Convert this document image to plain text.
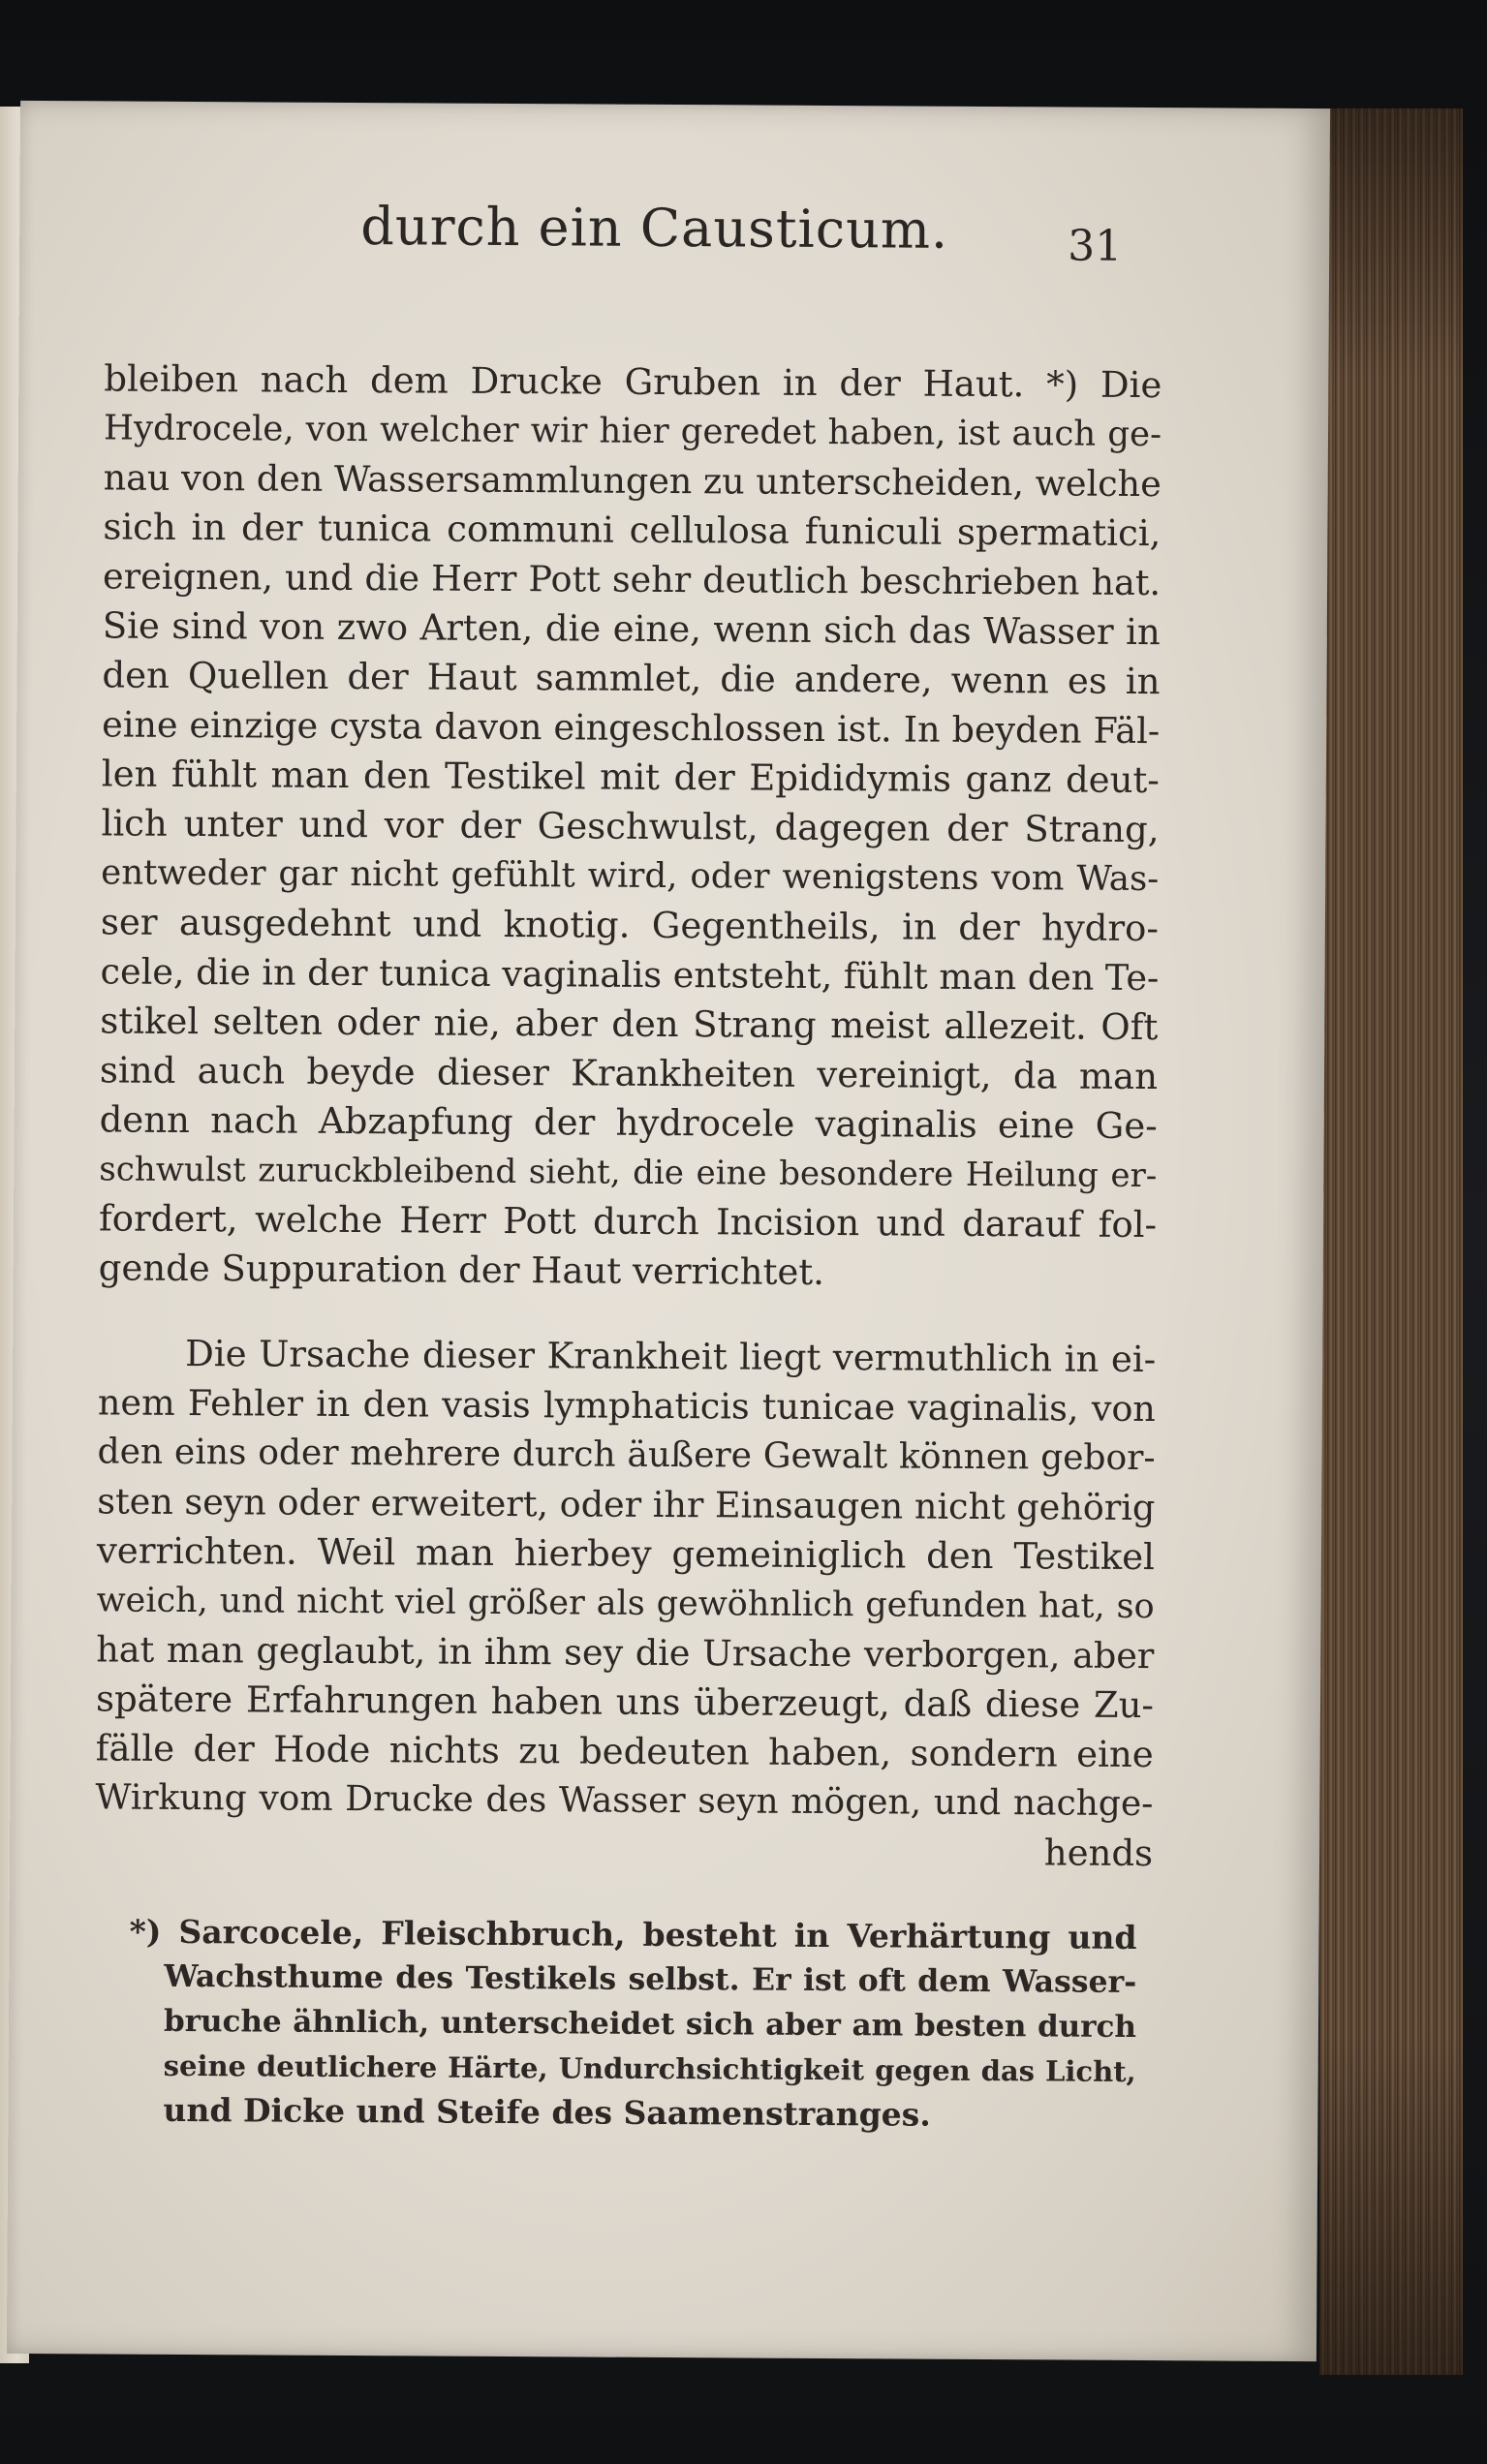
durch ein Causticum.	31
bleiben nach dem Drucke Gruben in der Haut. *) Die
Hydrocele, von welcher wir hier geredet haben, ist auch ge-
nau von den Wassersammlungen zu unterscheiden, welche
sich in der tunica communi cellulosa funiculi spermatici,
ereignen, und die Herr Pott sehr deutlich beschrieben hat.
Sie sind von zwo Arten, die eine, wenn sich das Wasser in
den Quellen der Haut sammlet, die andere, wenn es in
eine einzige cysta davon eingeschlossen ist. In beyden Fäl-
len fühlt man den Testikel mit der Epididymis ganz deut-
lich unter und vor der Geschwulst, dagegen der Strang,
entweder gar nicht gefühlt wird, oder wenigstens vom Was-
ser ausgedehnt und knotig. Gegentheils, in der hydro-
cele, die in der tunica vaginalis entsteht, fühlt man den Te-
stikel selten oder nie, aber den Strang meist allezeit. Oft
sind auch beyde dieser Krankheiten vereinigt, da man
denn nach Abzapfung der hydrocele vaginalis eine Ge-
schwulst zuruckbleibend sieht, die eine besondere Heilung er-
fordert, welche Herr Pott durch Incision und darauf fol-
gende Suppuration der Haut verrichtet.
Die Ursache dieser Krankheit liegt vermuthlich in ei-
nem Fehler in den vasis lymphaticis tunicae vaginalis, von
den eins oder mehrere durch äußere Gewalt können gebor-
sten seyn oder erweitert, oder ihr Einsaugen nicht gehörig
verrichten. Weil man hierbey gemeiniglich den Testikel
weich, und nicht viel größer als gewöhnlich gefunden hat, so
hat man geglaubt, in ihm sey die Ursache verborgen, aber
spätere Erfahrungen haben uns überzeugt, daß diese Zu-
fälle der Hode nichts zu bedeuten haben, sondern eine
Wirkung vom Drucke des Wasser seyn mögen, und nachge-
hends
*) Sarcocele, Fleischbruch, besteht in Verhärtung und
Wachsthume des Testikels selbst. Er ist oft dem Wasser-
bruche ähnlich, unterscheidet sich aber am besten durch
seine deutlichere Härte, Undurchsichtigkeit gegen das Licht,
und Dicke und Steife des Saamenstranges.
